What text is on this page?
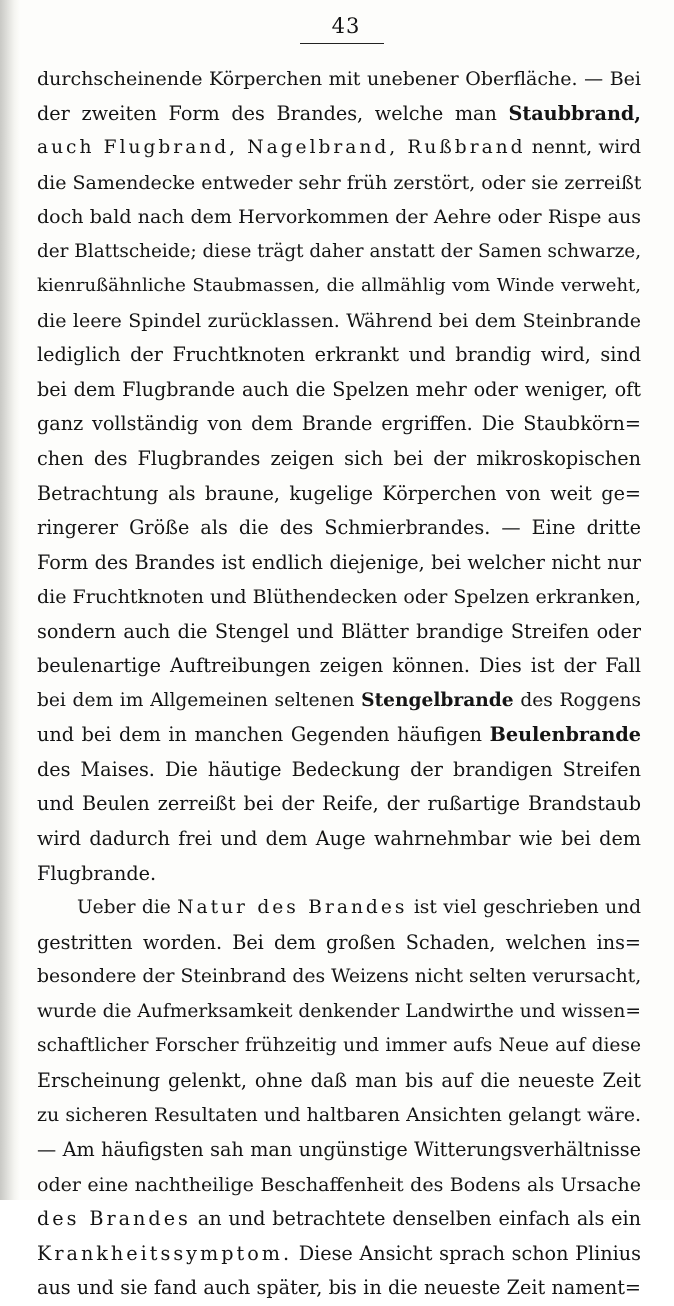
43
durchscheinende Körperchen mit unebener Oberfläche. — Bei
der zweiten Form des Brandes, welche man Staubbrand,
auch Flugbrand, Nagelbrand, Rußbrand nennt, wird
die Samendecke entweder sehr früh zerstört, oder sie zerreißt
doch bald nach dem Hervorkommen der Aehre oder Rispe aus
der Blattscheide; diese trägt daher anstatt der Samen schwarze,
kienrußähnliche Staubmassen, die allmählig vom Winde verweht,
die leere Spindel zurücklassen. Während bei dem Steinbrande
lediglich der Fruchtknoten erkrankt und brandig wird, sind
bei dem Flugbrande auch die Spelzen mehr oder weniger, oft
ganz vollständig von dem Brande ergriffen. Die Staubkörn=
chen des Flugbrandes zeigen sich bei der mikroskopischen
Betrachtung als braune, kugelige Körperchen von weit ge=
ringerer Größe als die des Schmierbrandes. — Eine dritte
Form des Brandes ist endlich diejenige, bei welcher nicht nur
die Fruchtknoten und Blüthendecken oder Spelzen erkranken,
sondern auch die Stengel und Blätter brandige Streifen oder
beulenartige Auftreibungen zeigen können. Dies ist der Fall
bei dem im Allgemeinen seltenen Stengelbrande des Roggens
und bei dem in manchen Gegenden häufigen Beulenbrande
des Maises. Die häutige Bedeckung der brandigen Streifen
und Beulen zerreißt bei der Reife, der rußartige Brandstaub
wird dadurch frei und dem Auge wahrnehmbar wie bei dem
Flugbrande.
Ueber die Natur des Brandes ist viel geschrieben und
gestritten worden. Bei dem großen Schaden, welchen ins=
besondere der Steinbrand des Weizens nicht selten verursacht,
wurde die Aufmerksamkeit denkender Landwirthe und wissen=
schaftlicher Forscher frühzeitig und immer aufs Neue auf diese
Erscheinung gelenkt, ohne daß man bis auf die neueste Zeit
zu sicheren Resultaten und haltbaren Ansichten gelangt wäre.
— Am häufigsten sah man ungünstige Witterungsverhältnisse
oder eine nachtheilige Beschaffenheit des Bodens als Ursache
des Brandes an und betrachtete denselben einfach als ein
Krankheitssymptom. Diese Ansicht sprach schon Plinius
aus und sie fand auch später, bis in die neueste Zeit nament=
